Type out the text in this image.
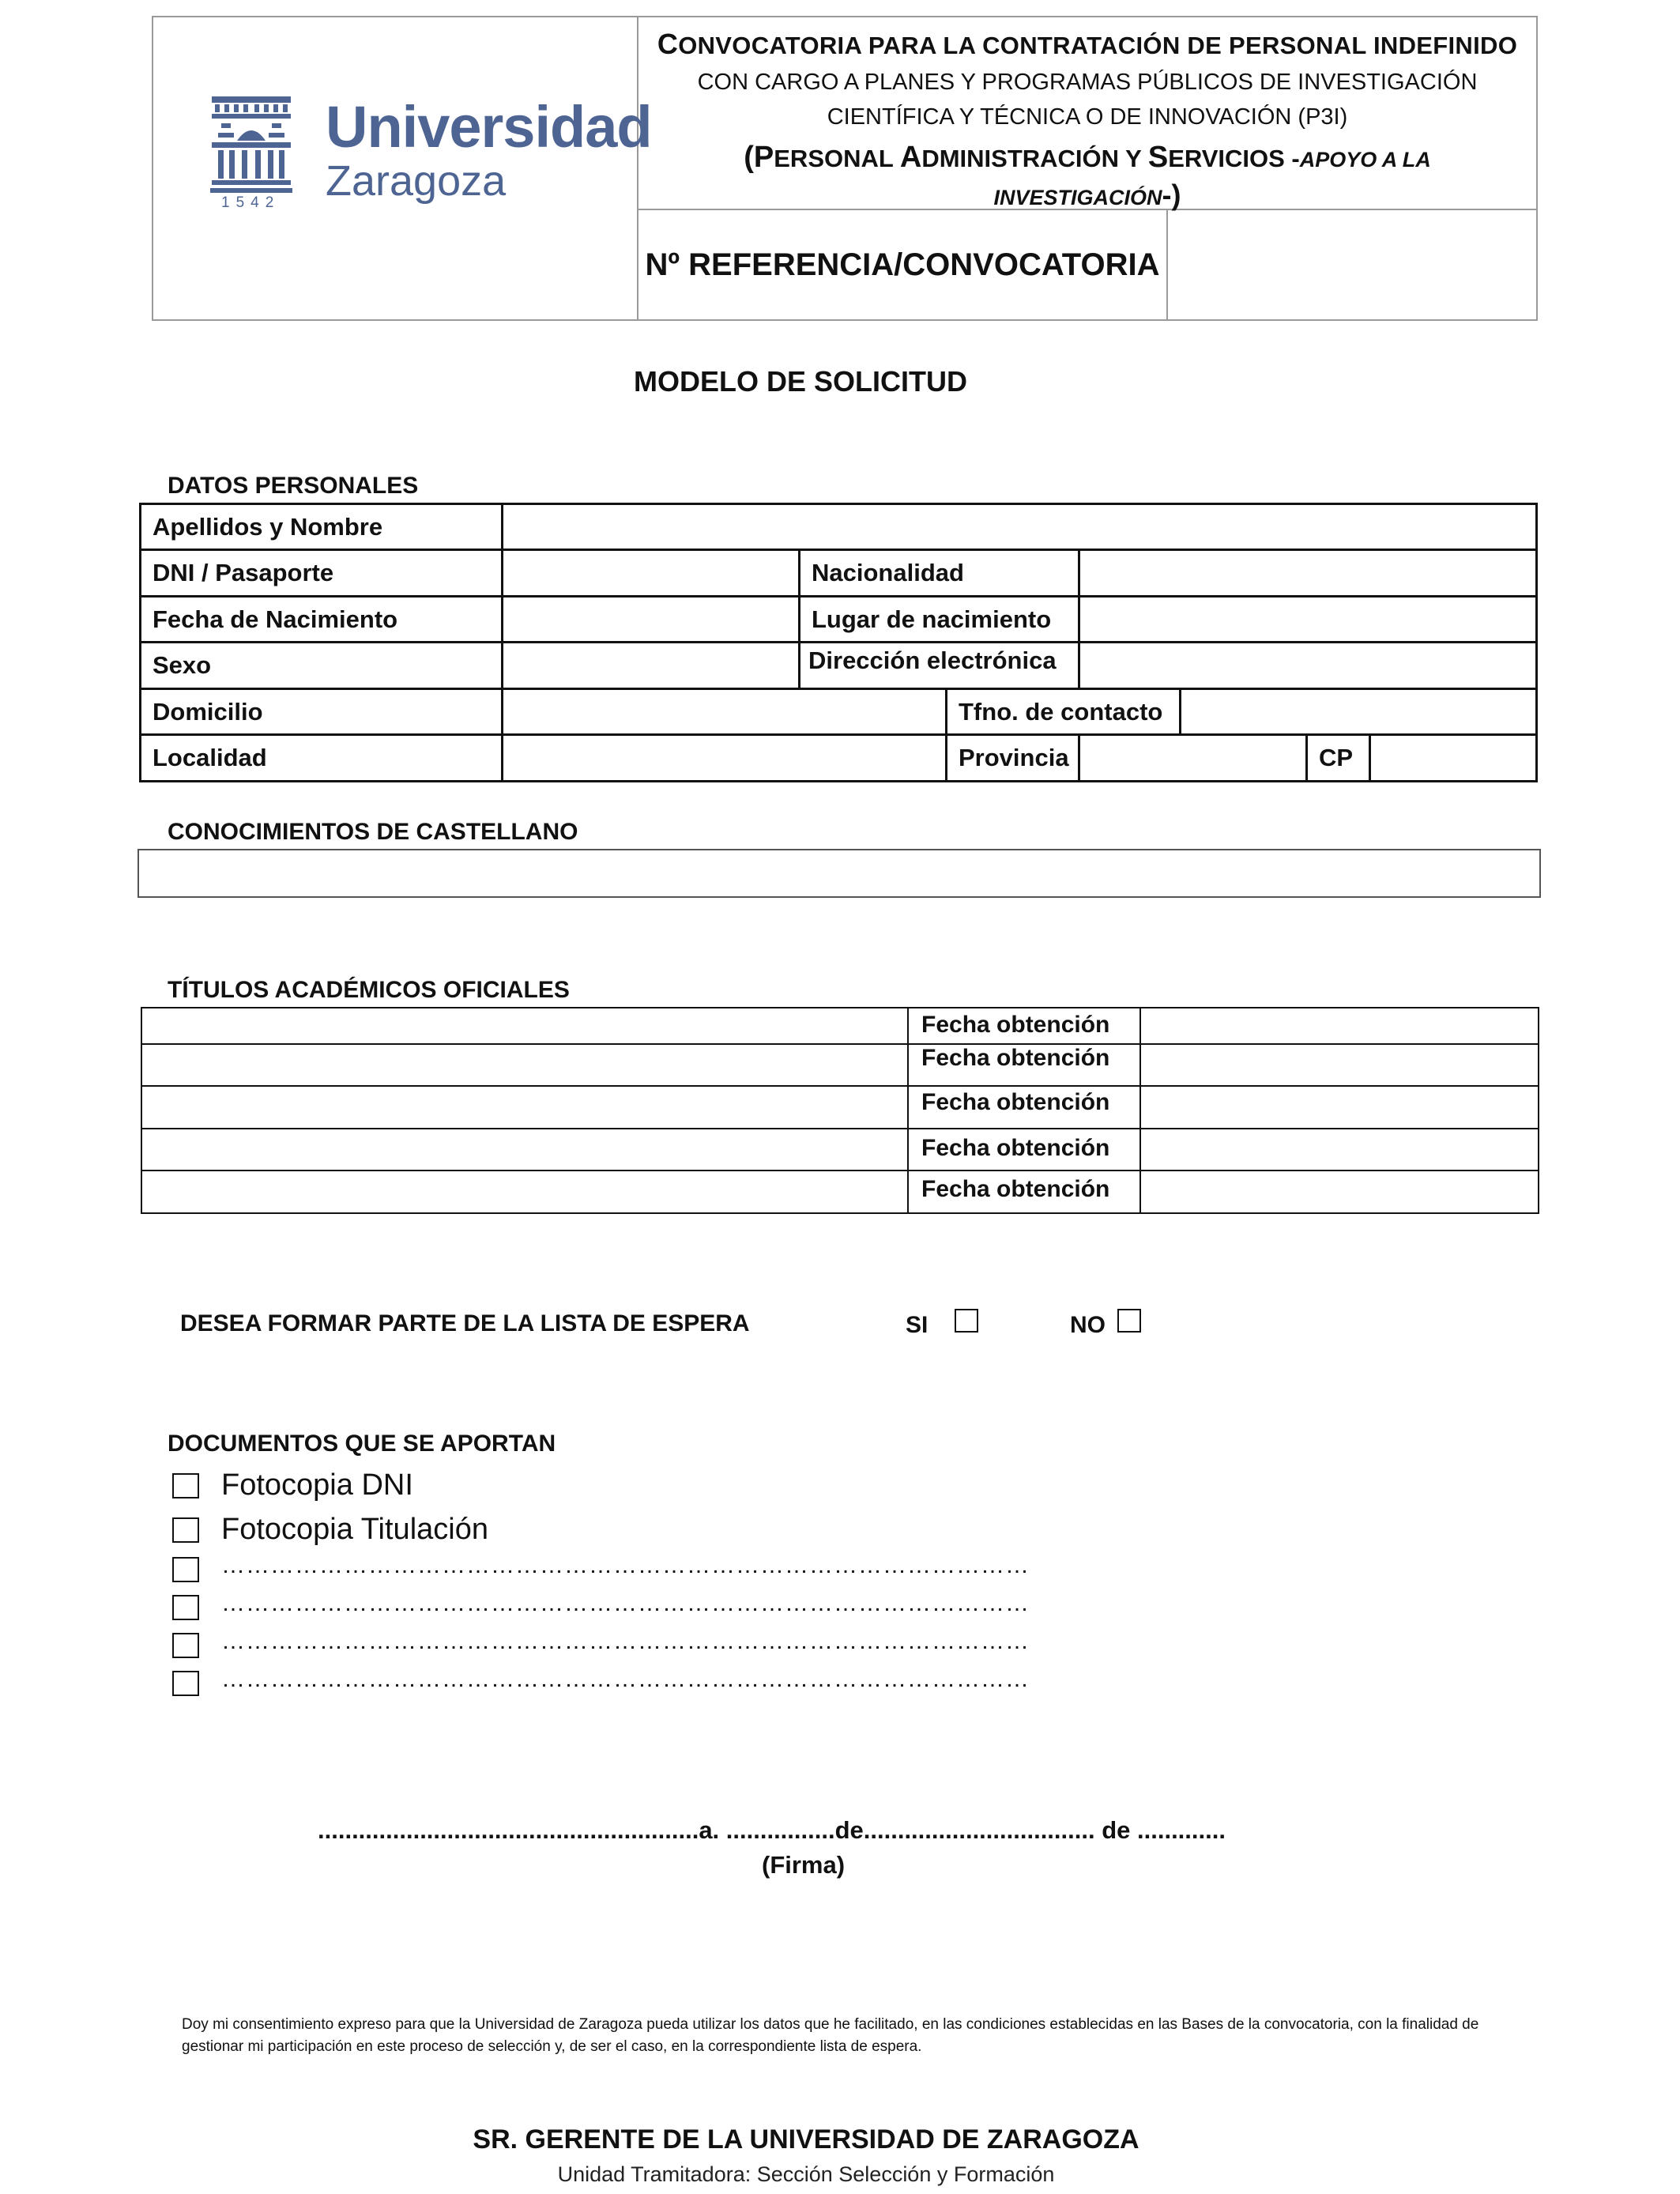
Universidad
Zaragoza
1542
CONVOCATORIA PARA LA CONTRATACIÓN DE PERSONAL INDEFINIDO
CON CARGO A PLANES Y PROGRAMAS PÚBLICOS DE INVESTIGACIÓN
CIENTÍFICA Y TÉCNICA O DE INNOVACIÓN (P3I)
(PERSONAL ADMINISTRACIÓN Y SERVICIOS -APOYO A LA
INVESTIGACIÓN-)
Nº REFERENCIA/CONVOCATORIA
MODELO DE SOLICITUD
DATOS PERSONALES
Apellidos y Nombre
DNI / Pasaporte	Nacionalidad
Fecha de Nacimiento	Lugar de nacimiento
Sexo	Dirección electrónica
Domicilio	Tfno. de contacto
Localidad	Provincia	CP
CONOCIMIENTOS DE CASTELLANO
TÍTULOS ACADÉMICOS OFICIALES
Fecha obtención
Fecha obtención
Fecha obtención
Fecha obtención
Fecha obtención
DESEA FORMAR PARTE DE LA LISTA DE ESPERA	SI	NO
DOCUMENTOS QUE SE APORTAN
Fotocopia DNI
Fotocopia Titulación
………………………………………………………………………………………
………………………………………………………………………………………
………………………………………………………………………………………
………………………………………………………………………………………
........................................................a. ................de.................................. de .............
(Firma)
Doy mi consentimiento expreso para que la Universidad de Zaragoza pueda utilizar los datos que he facilitado, en las condiciones establecidas en las Bases de la convocatoria, con la finalidad de gestionar mi participación en este proceso de selección y, de ser el caso, en la correspondiente lista de espera.
SR. GERENTE DE LA UNIVERSIDAD DE ZARAGOZA
Unidad Tramitadora: Sección Selección y Formación
